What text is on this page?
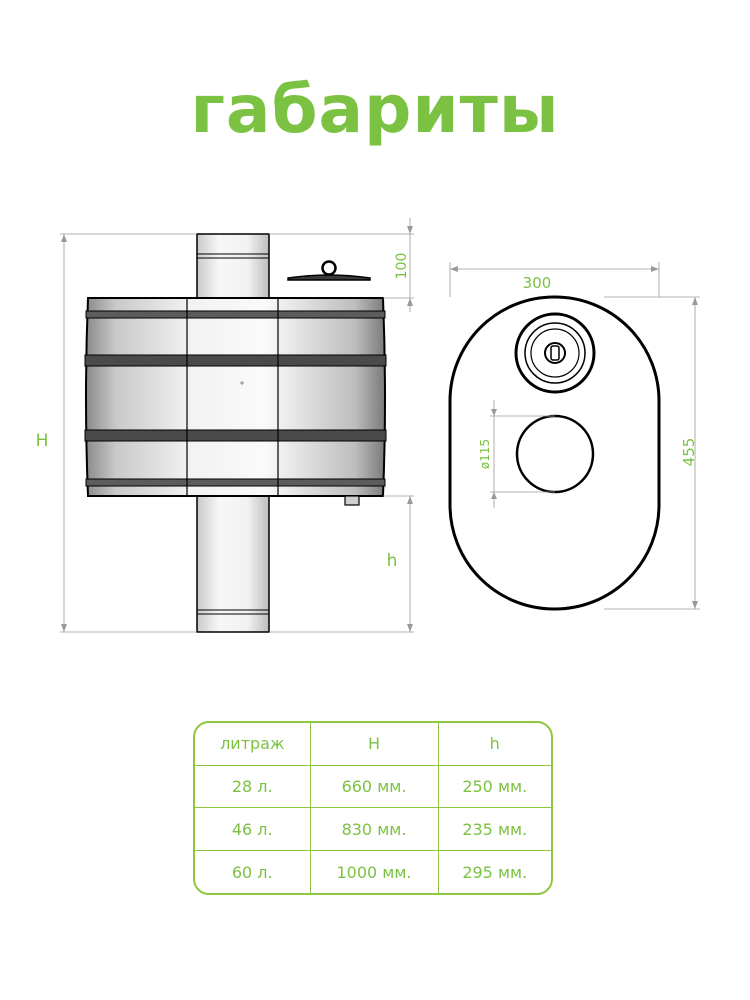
габариты
H
100
h
300
455
ø115
литраж	H	h
28 л.	660 мм.	250 мм.
46 л.	830 мм.	235 мм.
60 л.	1000 мм.	295 мм.
